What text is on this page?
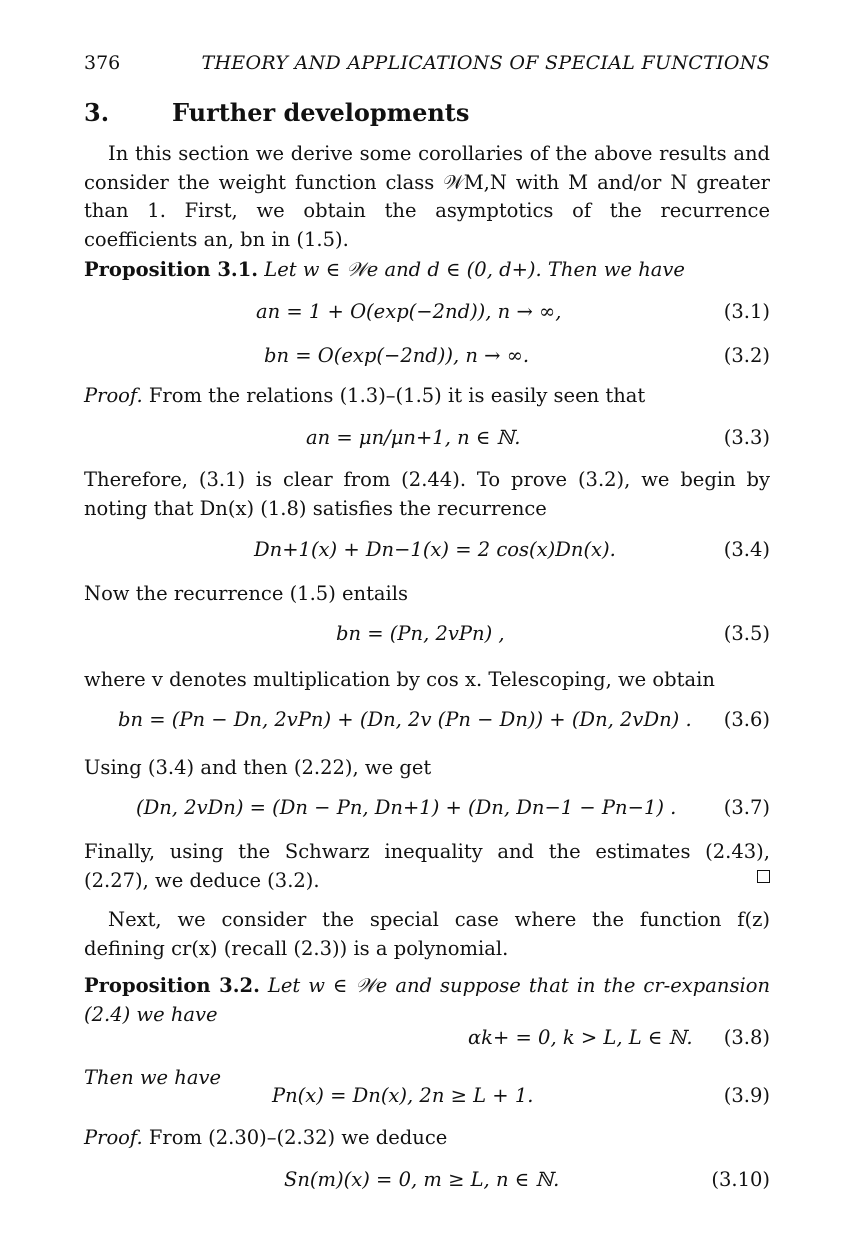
376	THEORY AND APPLICATIONS OF SPECIAL FUNCTIONS
3.	Further developments
In this section we derive some corollaries of the above results and consider the weight function class 𝒲M,N with M and/or N greater than 1. First, we obtain the asymptotics of the recurrence coefficients an, bn in (1.5).
Proposition 3.1. Let w ∈ 𝒲e and d ∈ (0, d+). Then we have
an = 1 + O(exp(−2nd)), n → ∞,	(3.1)
bn = O(exp(−2nd)), n → ∞.	(3.2)
Proof. From the relations (1.3)–(1.5) it is easily seen that
an = μn/μn+1, n ∈ ℕ.	(3.3)
Therefore, (3.1) is clear from (2.44). To prove (3.2), we begin by noting that Dn(x) (1.8) satisfies the recurrence
Dn+1(x) + Dn−1(x) = 2 cos(x)Dn(x).	(3.4)
Now the recurrence (1.5) entails
bn = (Pn, 2vPn) ,	(3.5)
where v denotes multiplication by cos x. Telescoping, we obtain
bn = (Pn − Dn, 2vPn) + (Dn, 2v (Pn − Dn)) + (Dn, 2vDn) . (3.6)
Using (3.4) and then (2.22), we get
(Dn, 2vDn) = (Dn − Pn, Dn+1) + (Dn, Dn−1 − Pn−1) . (3.7)
Finally, using the Schwarz inequality and the estimates (2.43), (2.27), we deduce (3.2).
Next, we consider the special case where the function f(z) defining cr(x) (recall (2.3)) is a polynomial.
Proposition 3.2. Let w ∈ 𝒲e and suppose that in the cr-expansion (2.4) we have
αk+ = 0, k > L, L ∈ ℕ. (3.8)
Then we have
Pn(x) = Dn(x), 2n ≥ L + 1.	(3.9)
Proof. From (2.30)–(2.32) we deduce
Sn(m)(x) = 0, m ≥ L, n ∈ ℕ.	(3.10)
